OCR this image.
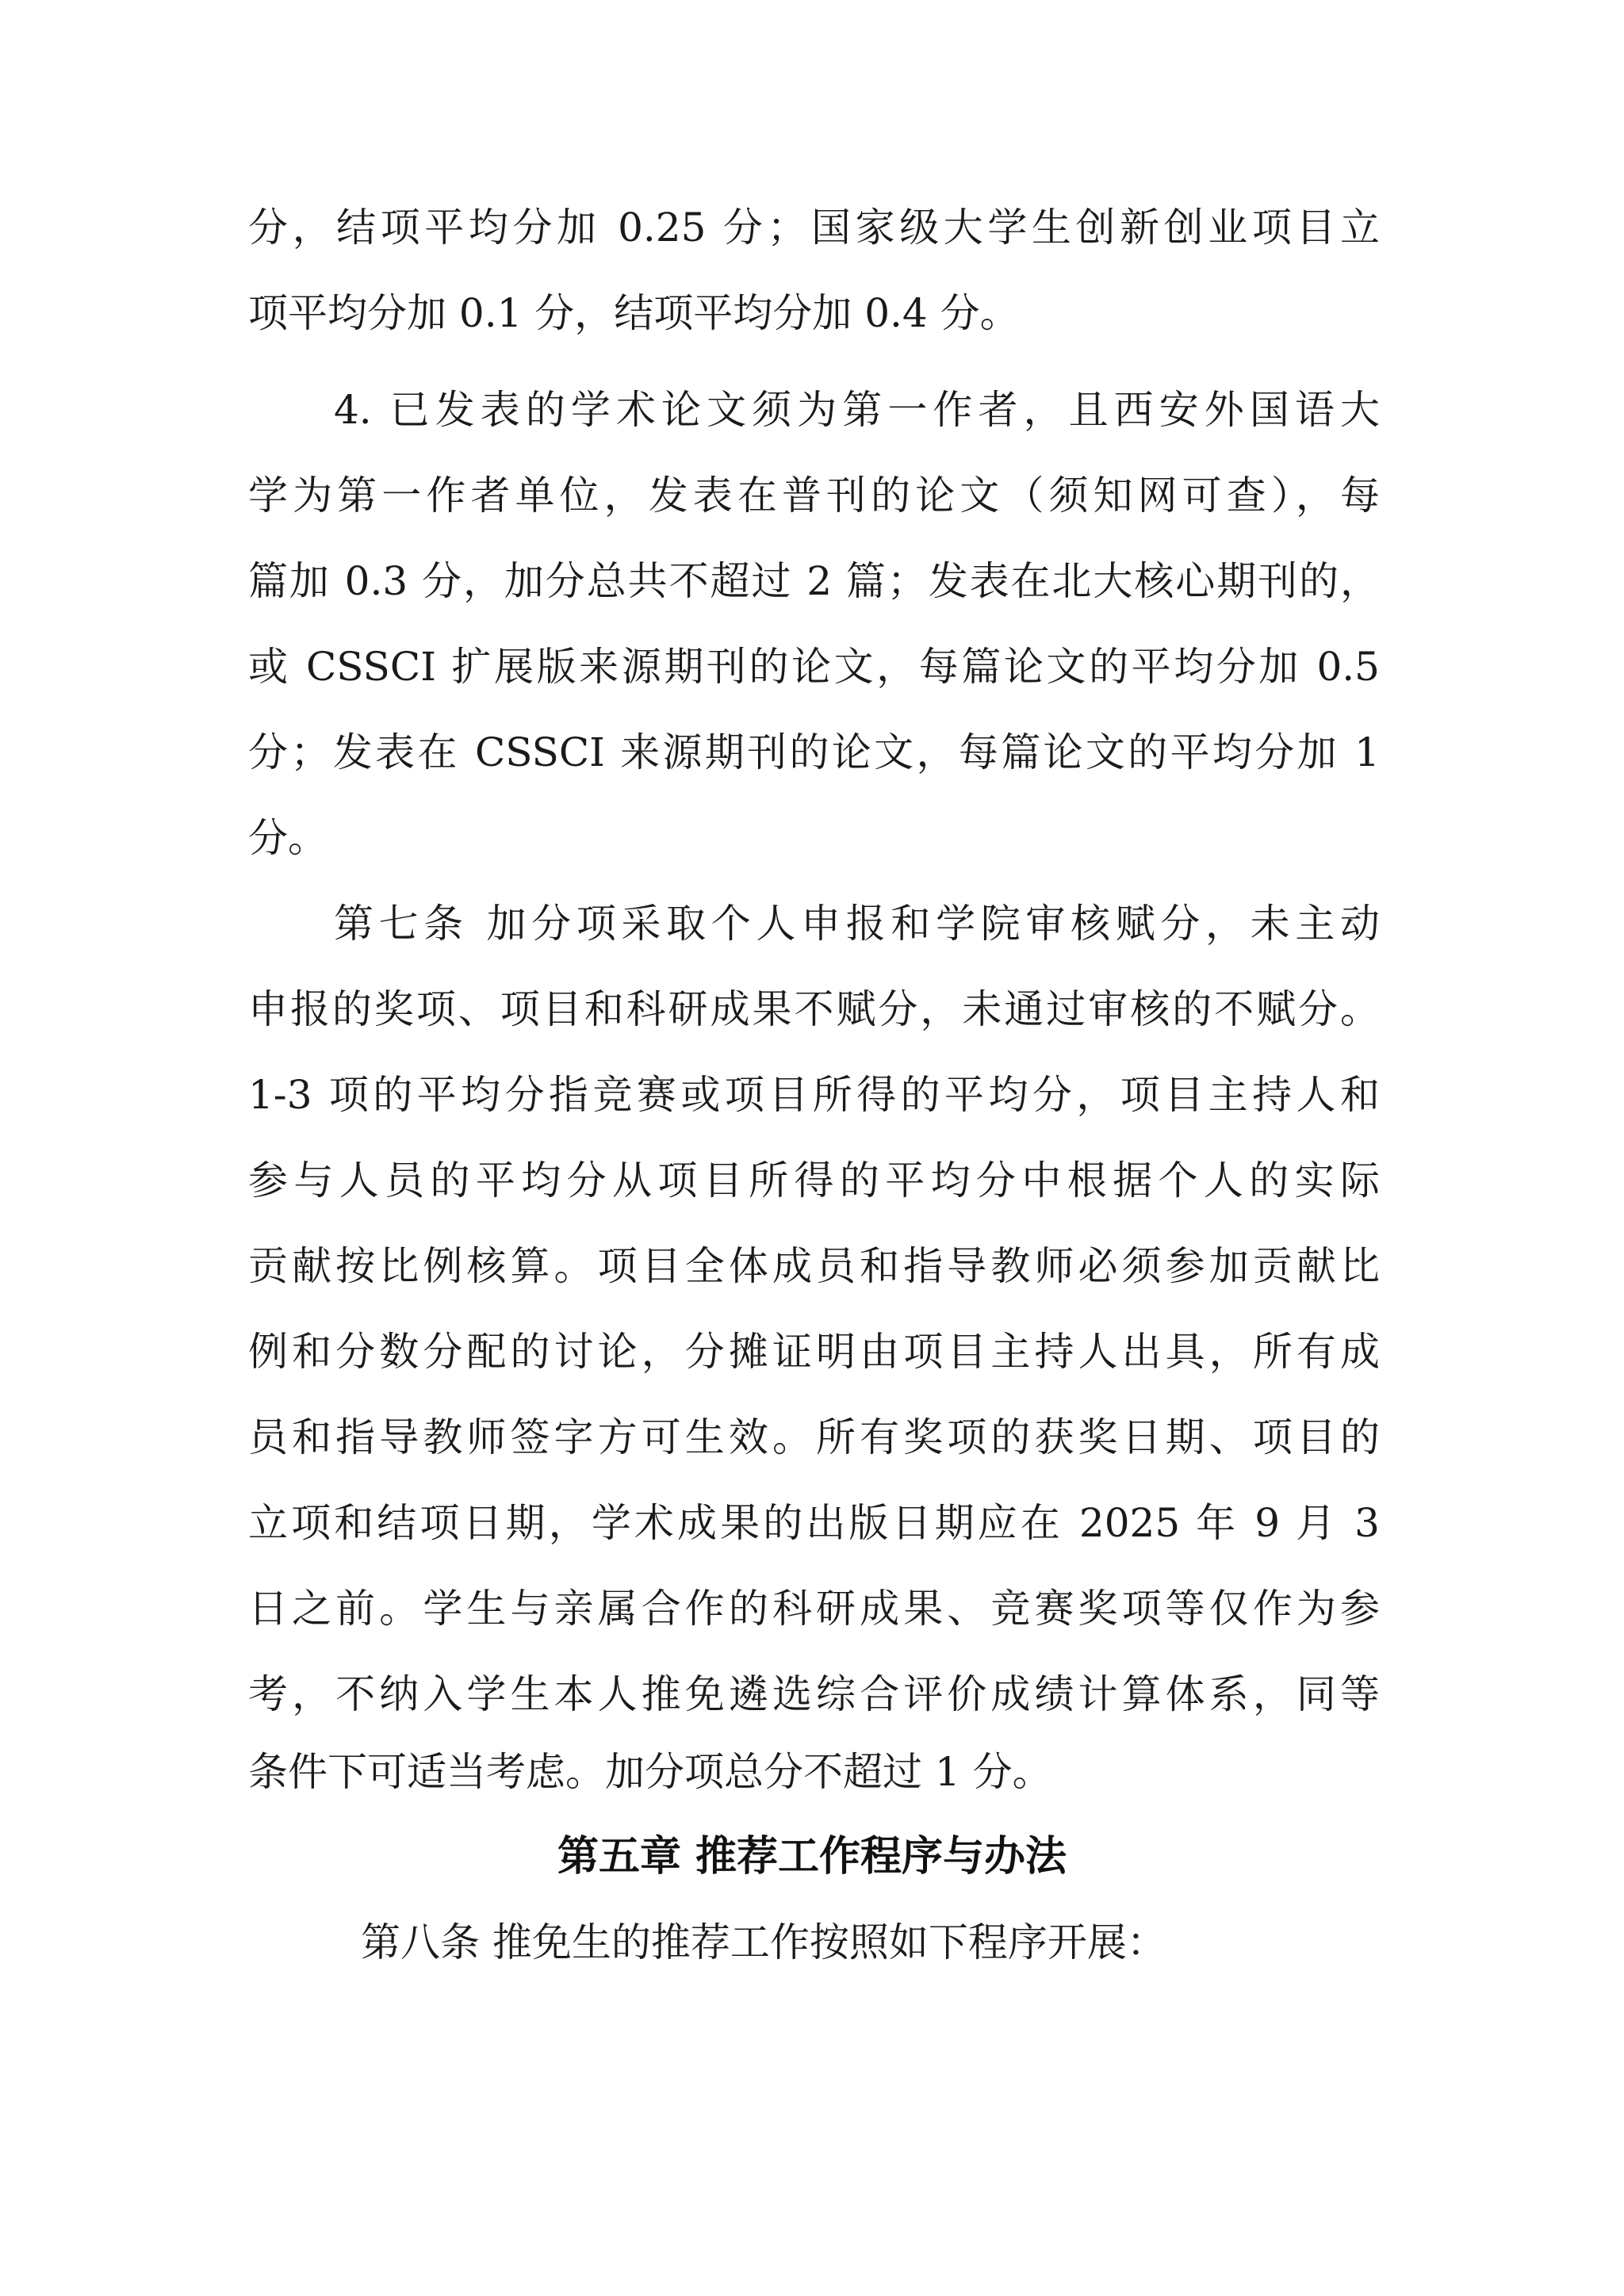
分，结项平均分加 0.25 分；国家级大学生创新创业项目立
项平均分加 0.1 分，结项平均分加 0.4 分。
4. 已发表的学术论文须为第一作者，且西安外国语大
学为第一作者单位，发表在普刊的论文（须知网可查），每
篇加 0.3 分，加分总共不超过 2 篇；发表在北大核心期刊的，
或 CSSCI 扩展版来源期刊的论文，每篇论文的平均分加 0.5
分；发表在 CSSCI 来源期刊的论文，每篇论文的平均分加 1
分。
第七条 加分项采取个人申报和学院审核赋分，未主动
申报的奖项、项目和科研成果不赋分，未通过审核的不赋分。
1-3 项的平均分指竞赛或项目所得的平均分，项目主持人和
参与人员的平均分从项目所得的平均分中根据个人的实际
贡献按比例核算。项目全体成员和指导教师必须参加贡献比
例和分数分配的讨论，分摊证明由项目主持人出具，所有成
员和指导教师签字方可生效。所有奖项的获奖日期、项目的
立项和结项日期，学术成果的出版日期应在 2025 年 9 月 3
日之前。学生与亲属合作的科研成果、竞赛奖项等仅作为参
考，不纳入学生本人推免遴选综合评价成绩计算体系，同等
条件下可适当考虑。加分项总分不超过 1 分。
第五章 推荐工作程序与办法
第八条 推免生的推荐工作按照如下程序开展：
